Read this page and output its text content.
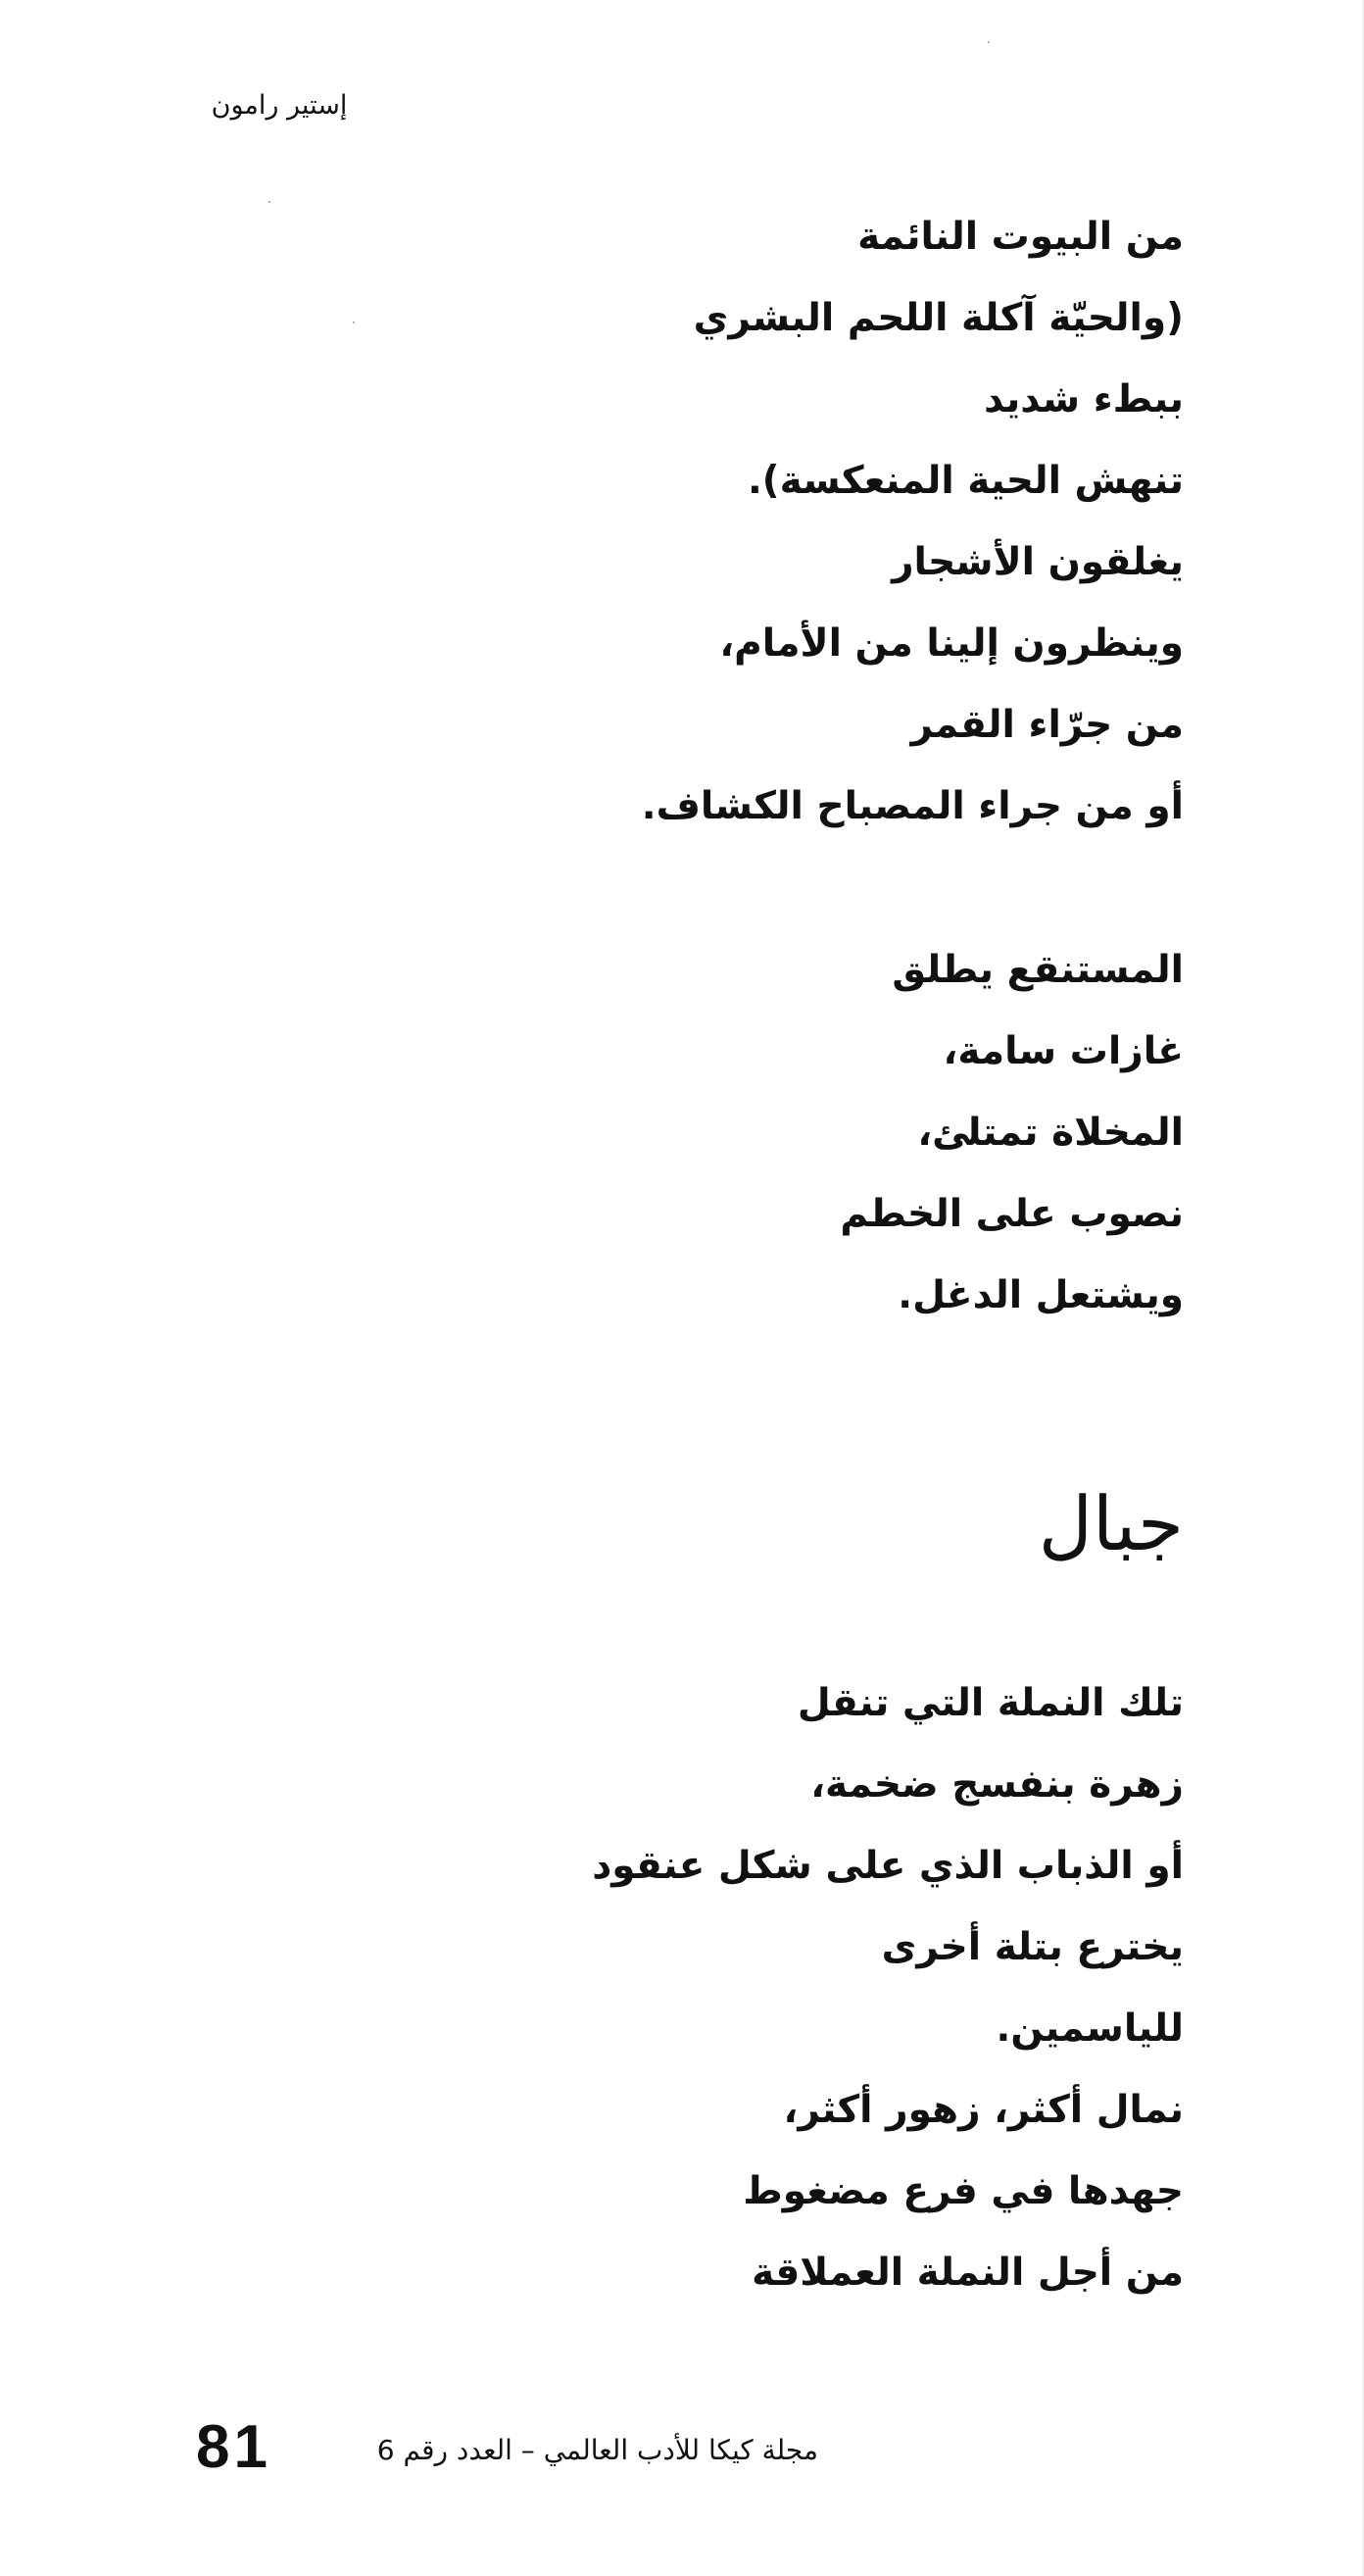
إستير رامون
من البيوت النائمة
(والحيّة آكلة اللحم البشري
ببطء شديد
تنهش الحية المنعكسة).
يغلقون الأشجار
وينظرون إلينا من الأمام،
من جرّاء القمر
أو من جراء المصباح الكشاف.
المستنقع يطلق
غازات سامة،
المخلاة تمتلئ،
نصوب على الخطم
ويشتعل الدغل.
جبال
تلك النملة التي تنقل
زهرة بنفسج ضخمة،
أو الذباب الذي على شكل عنقود
يخترع بتلة أخرى
للياسمين.
نمال أكثر، زهور أكثر،
جهدها في فرع مضغوط
من أجل النملة العملاقة
مجلة كيكا للأدب العالمي – العدد رقم 6
81
